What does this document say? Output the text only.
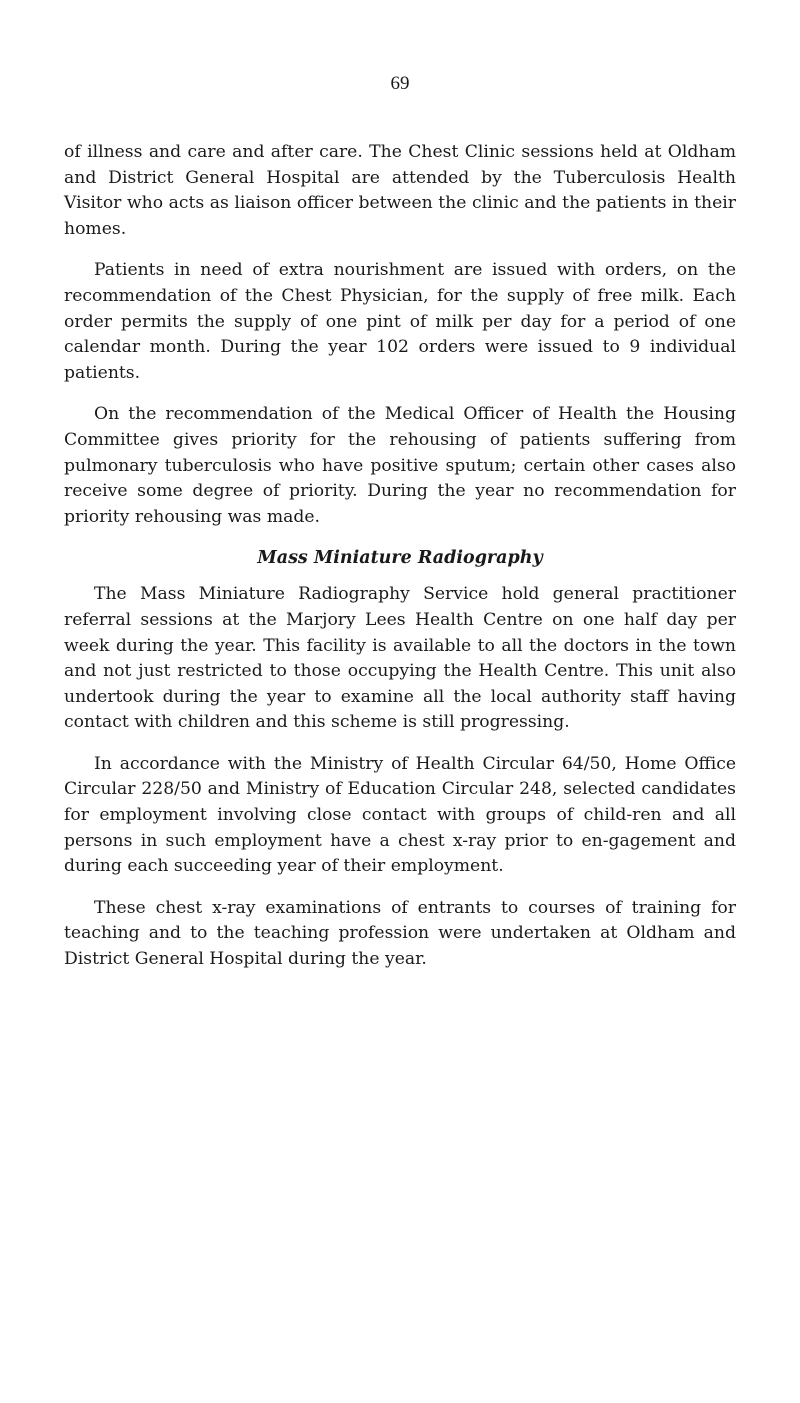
69

of illness and care and after care. The Chest Clinic sessions held at Oldham and District General Hospital are attended by the Tuberculosis Health Visitor who acts as liaison officer between the clinic and the patients in their homes.

Patients in need of extra nourishment are issued with orders, on the recommendation of the Chest Physician, for the supply of free milk. Each order permits the supply of one pint of milk per day for a period of one calendar month. During the year 102 orders were issued to 9 individual patients.

On the recommendation of the Medical Officer of Health the Housing Committee gives priority for the rehousing of patients suffering from pulmonary tuberculosis who have positive sputum; certain other cases also receive some degree of priority. During the year no recommendation for priority rehousing was made.

Mass Miniature Radiography

The Mass Miniature Radiography Service hold general practitioner referral sessions at the Marjory Lees Health Centre on one half day per week during the year. This facility is available to all the doctors in the town and not just restricted to those occupying the Health Centre. This unit also undertook during the year to examine all the local authority staff having contact with children and this scheme is still progressing.

In accordance with the Ministry of Health Circular 64/50, Home Office Circular 228/50 and Ministry of Education Circular 248, selected candidates for employment involving close contact with groups of child-ren and all persons in such employment have a chest x-ray prior to en-gagement and during each succeeding year of their employment.

These chest x-ray examinations of entrants to courses of training for teaching and to the teaching profession were undertaken at Oldham and District General Hospital during the year.
